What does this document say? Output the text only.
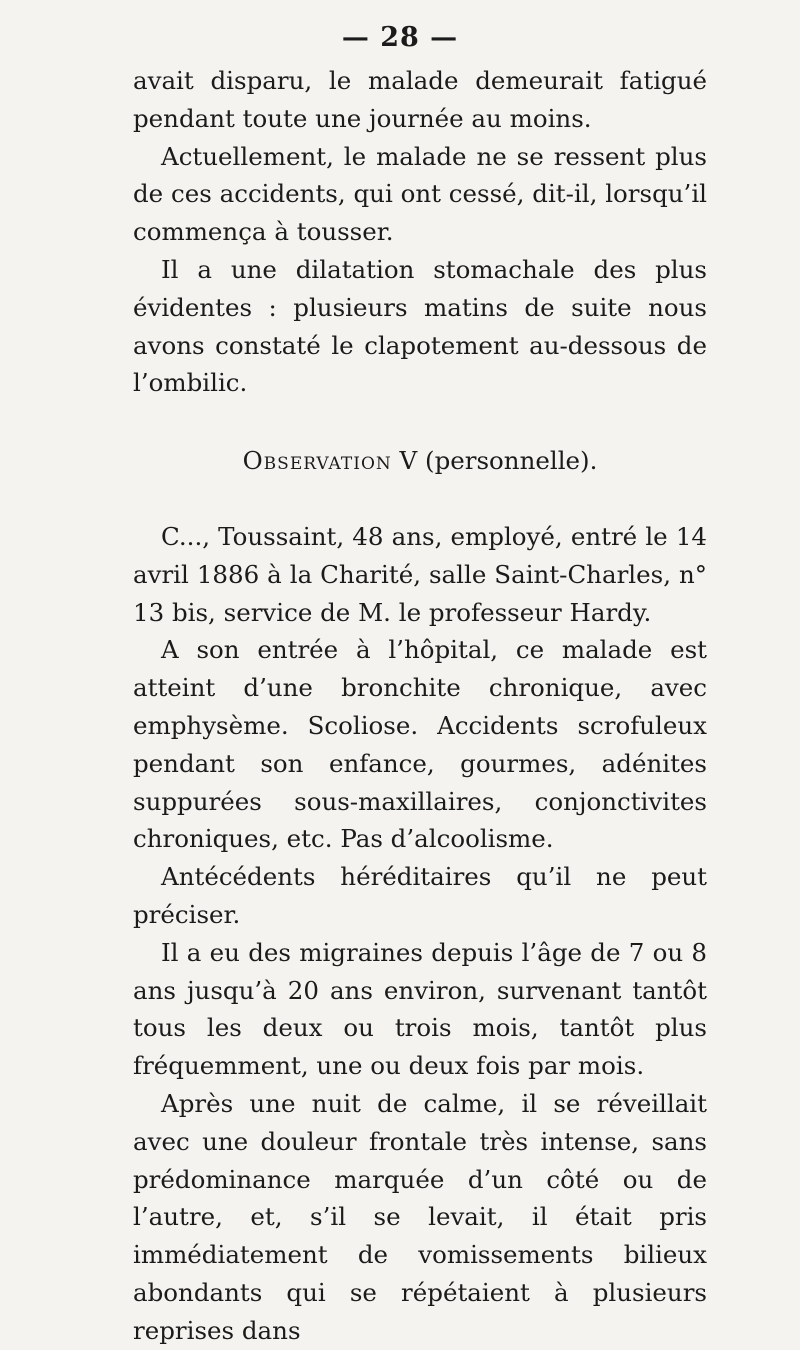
— 28 —

avait disparu, le malade demeurait fatigué pendant toute une journée au moins.

Actuellement, le malade ne se ressent plus de ces accidents, qui ont cessé, dit-il, lorsqu’il commença à tousser.

Il a une dilatation stomachale des plus évidentes : plusieurs matins de suite nous avons constaté le clapotement au-dessous de l’ombilic.

Observation V (personnelle).

C..., Toussaint, 48 ans, employé, entré le 14 avril 1886 à la Charité, salle Saint-Charles, n° 13 bis, service de M. le professeur Hardy.

A son entrée à l’hôpital, ce malade est atteint d’une bronchite chronique, avec emphysème. Scoliose. Accidents scrofuleux pendant son enfance, gourmes, adénites suppurées sous-maxillaires, conjonctivites chroniques, etc. Pas d’alcoolisme.

Antécédents héréditaires qu’il ne peut préciser.

Il a eu des migraines depuis l’âge de 7 ou 8 ans jusqu’à 20 ans environ, survenant tantôt tous les deux ou trois mois, tantôt plus fréquemment, une ou deux fois par mois.

Après une nuit de calme, il se réveillait avec une douleur frontale très intense, sans prédominance marquée d’un côté ou de l’autre, et, s’il se levait, il était pris immédiatement de vomissements bilieux abondants qui se répétaient à plusieurs reprises dans
